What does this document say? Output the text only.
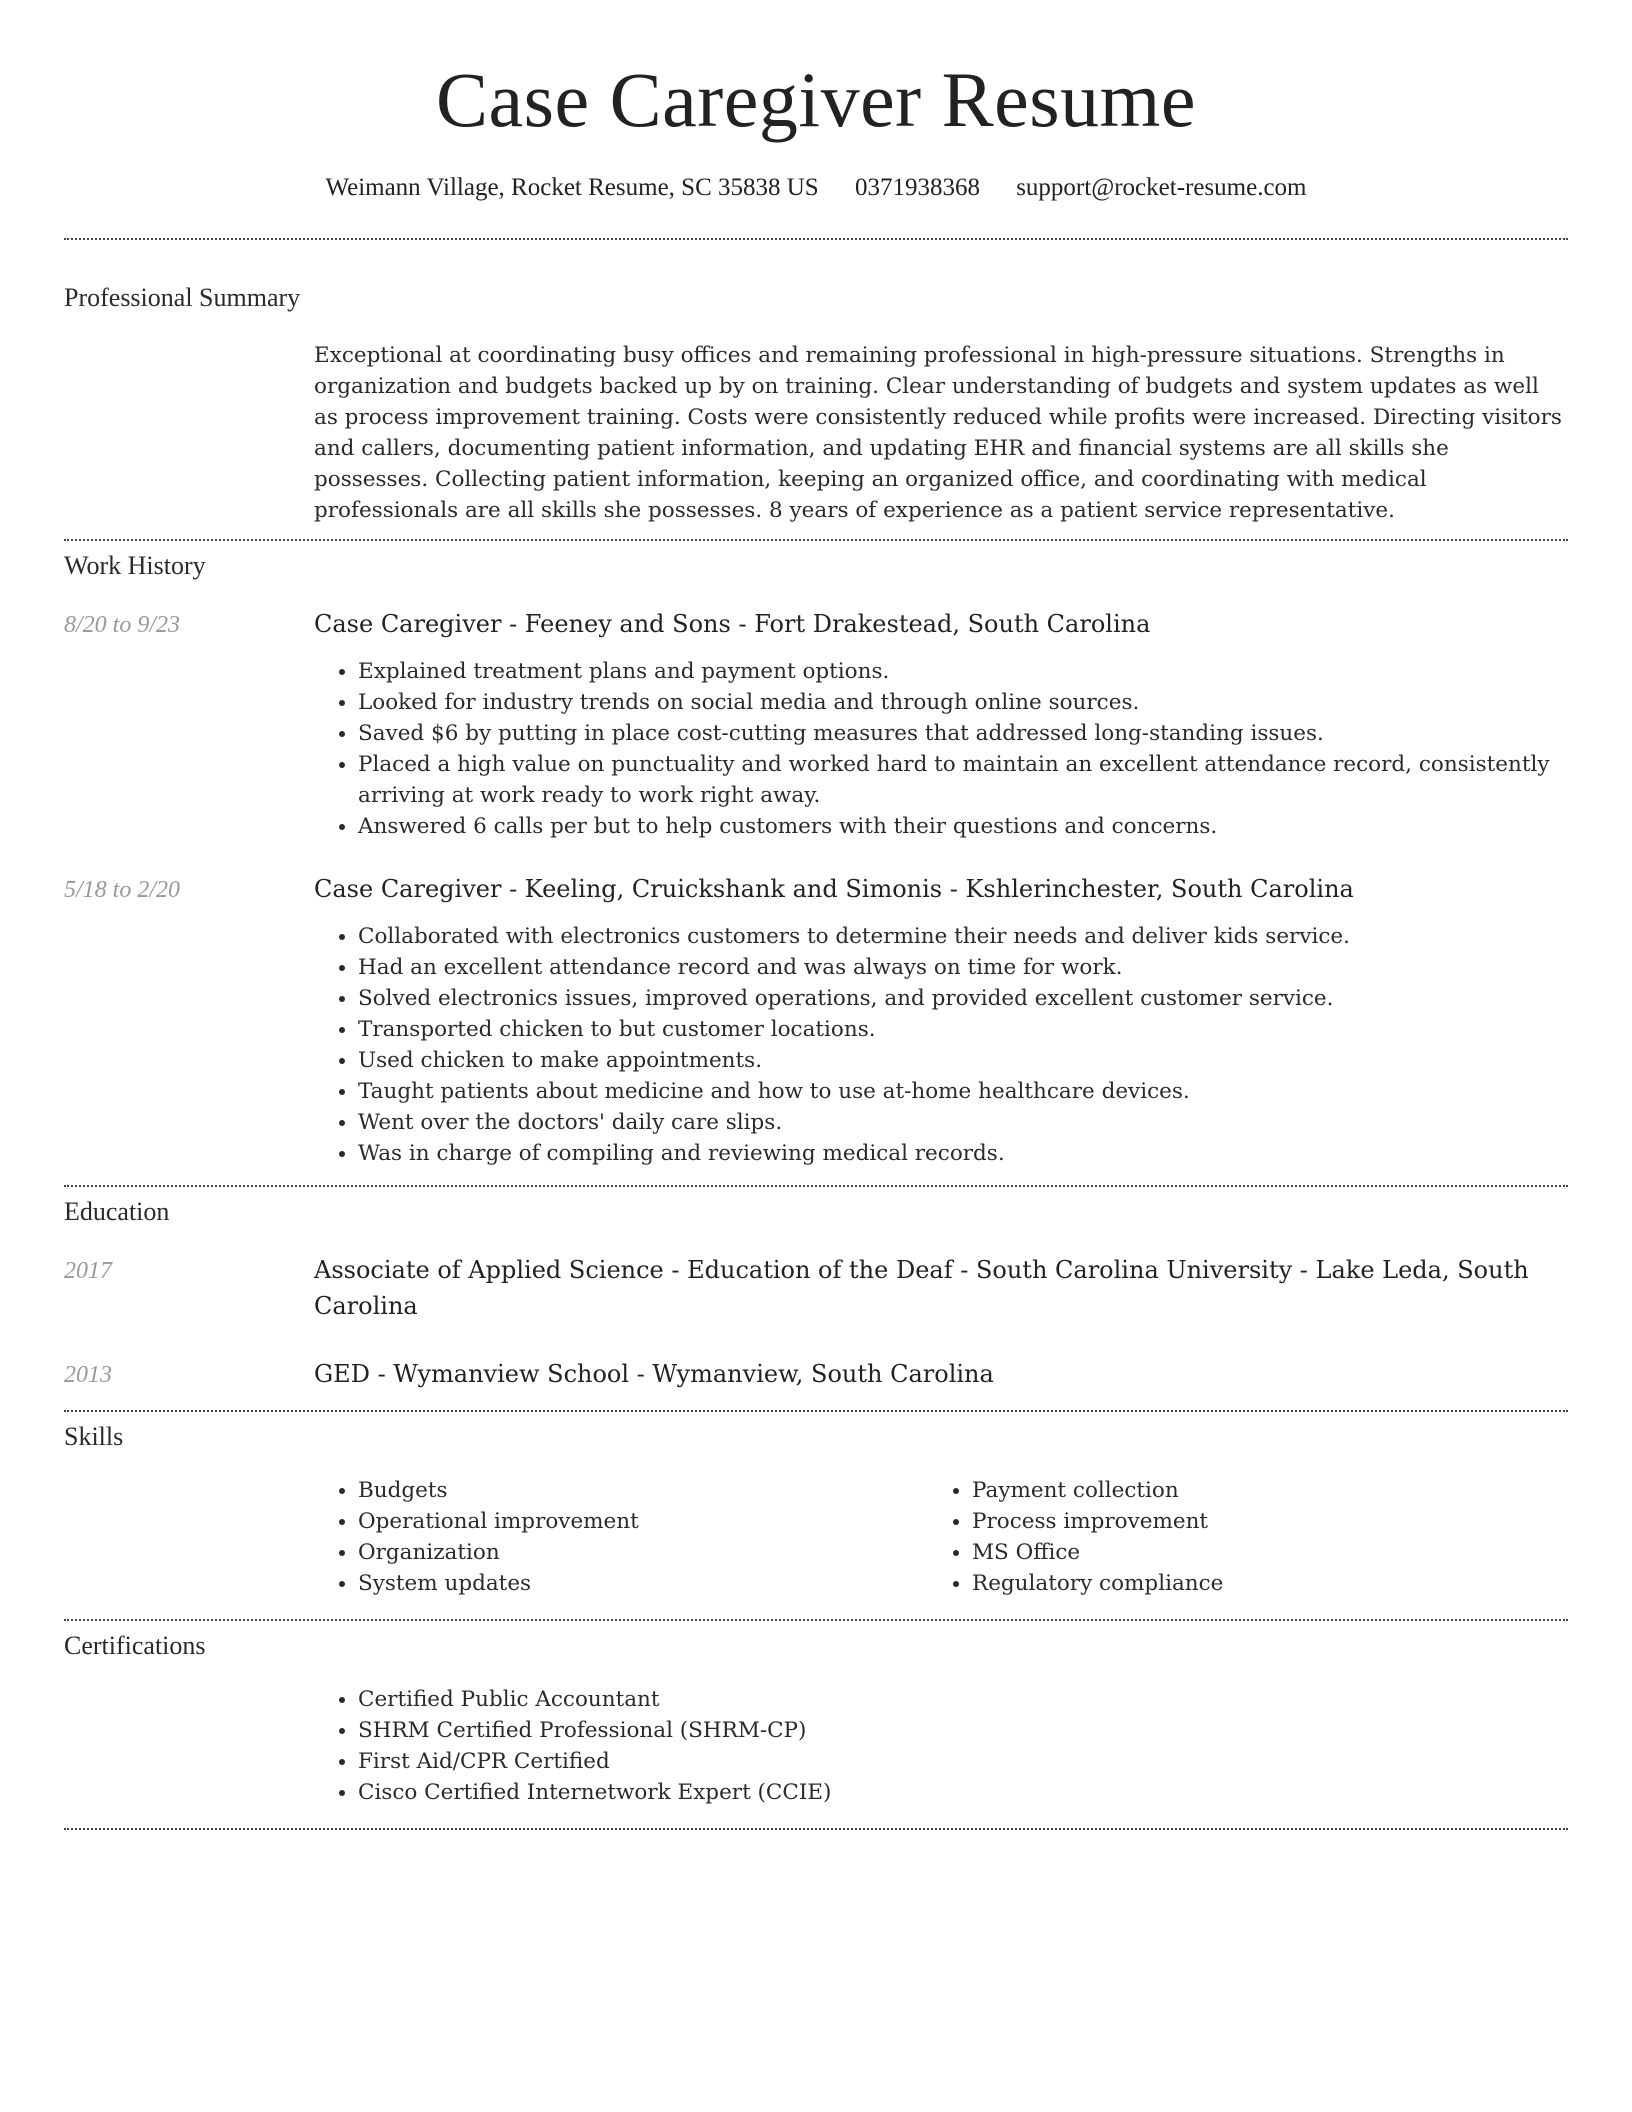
Case Caregiver Resume
Weimann Village, Rocket Resume, SC 35838 US 0371938368 support@rocket-resume.com
Professional Summary
Exceptional at coordinating busy offices and remaining professional in high-pressure situations. Strengths in organization and budgets backed up by on training. Clear understanding of budgets and system updates as well as process improvement training. Costs were consistently reduced while profits were increased. Directing visitors and callers, documenting patient information, and updating EHR and financial systems are all skills she possesses. Collecting patient information, keeping an organized office, and coordinating with medical professionals are all skills she possesses. 8 years of experience as a patient service representative.
Work History
8/20 to 9/23	Case Caregiver - Feeney and Sons - Fort Drakestead, South Carolina
• Explained treatment plans and payment options.
• Looked for industry trends on social media and through online sources.
• Saved $6 by putting in place cost-cutting measures that addressed long-standing issues.
• Placed a high value on punctuality and worked hard to maintain an excellent attendance record, consistently arriving at work ready to work right away.
• Answered 6 calls per but to help customers with their questions and concerns.
5/18 to 2/20	Case Caregiver - Keeling, Cruickshank and Simonis - Kshlerinchester, South Carolina
• Collaborated with electronics customers to determine their needs and deliver kids service.
• Had an excellent attendance record and was always on time for work.
• Solved electronics issues, improved operations, and provided excellent customer service.
• Transported chicken to but customer locations.
• Used chicken to make appointments.
• Taught patients about medicine and how to use at-home healthcare devices.
• Went over the doctors' daily care slips.
• Was in charge of compiling and reviewing medical records.
Education
2017	Associate of Applied Science - Education of the Deaf - South Carolina University - Lake Leda, South Carolina
2013	GED - Wymanview School - Wymanview, South Carolina
Skills
• Budgets
• Operational improvement
• Organization
• System updates
• Payment collection
• Process improvement
• MS Office
• Regulatory compliance
Certifications
• Certified Public Accountant
• SHRM Certified Professional (SHRM-CP)
• First Aid/CPR Certified
• Cisco Certified Internetwork Expert (CCIE)
